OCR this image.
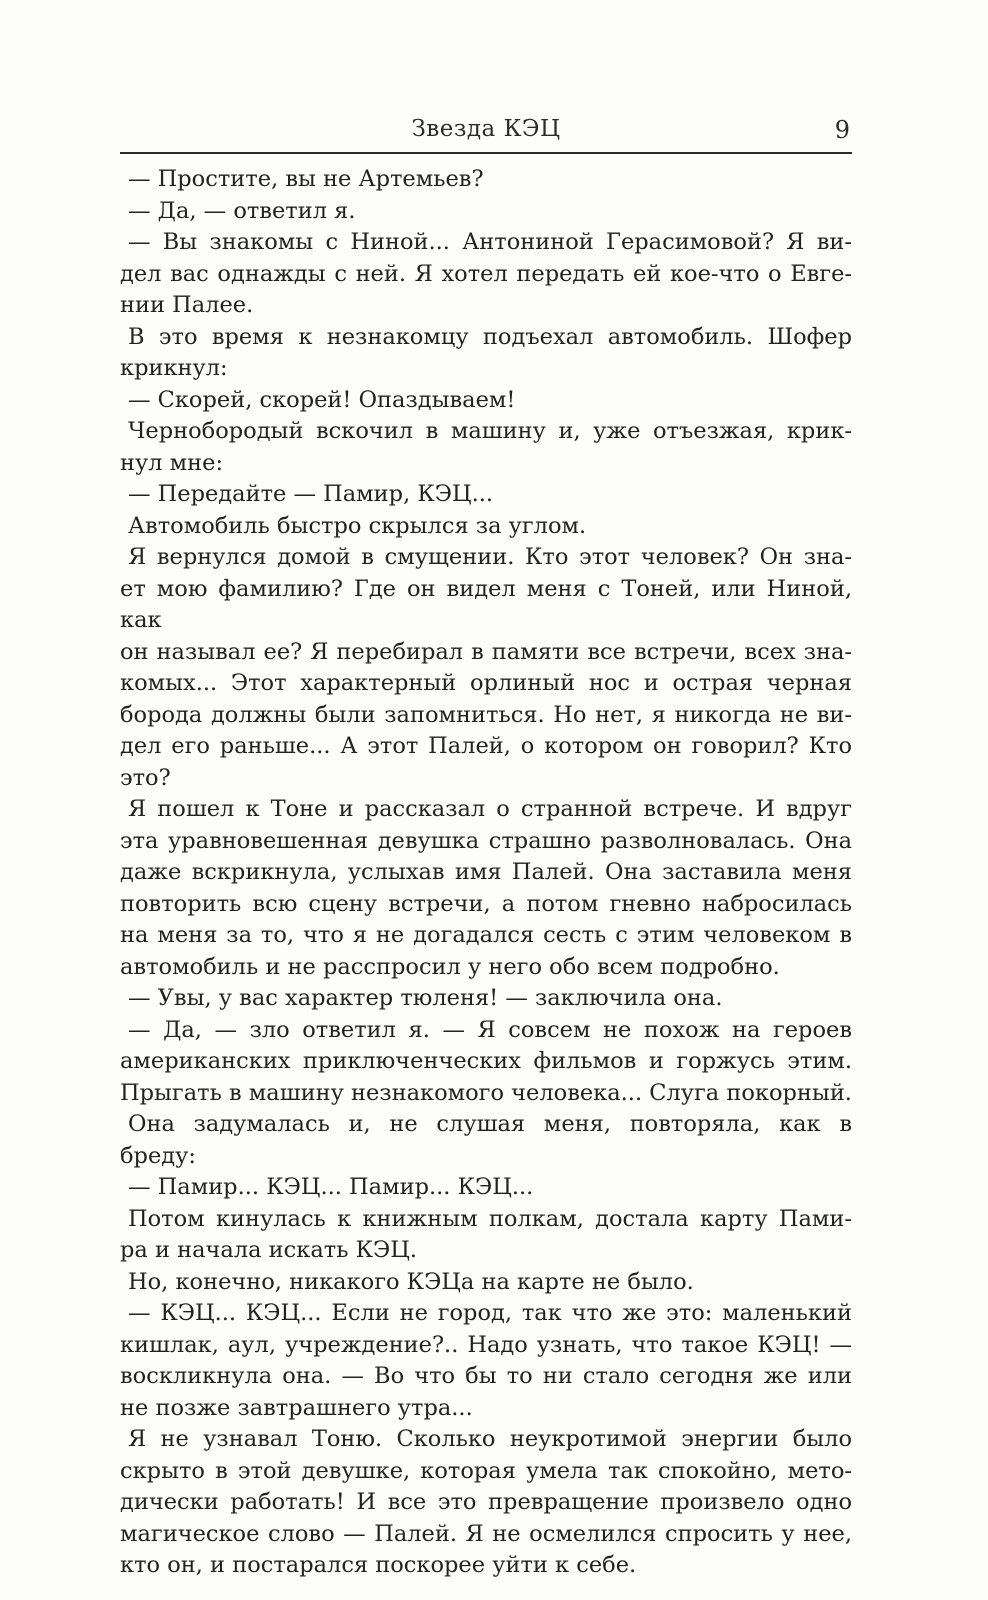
Звезда КЭЦ	9
— Простите, вы не Артемьев?
— Да, — ответил я.
— Вы знакомы с Ниной... Антониной Герасимовой? Я ви-
дел вас однажды с ней. Я хотел передать ей кое-что о Евге-
нии Палее.
В это время к незнакомцу подъехал автомобиль. Шофер
крикнул:
— Скорей, скорей! Опаздываем!
Чернобородый вскочил в машину и, уже отъезжая, крик-
нул мне:
— Передайте — Памир, КЭЦ...
Автомобиль быстро скрылся за углом.
Я вернулся домой в смущении. Кто этот человек? Он зна-
ет мою фамилию? Где он видел меня с Тоней, или Ниной, как
он называл ее? Я перебирал в памяти все встречи, всех зна-
комых... Этот характерный орлиный нос и острая черная
борода должны были запомниться. Но нет, я никогда не ви-
дел его раньше... А этот Палей, о котором он говорил? Кто
это?
Я пошел к Тоне и рассказал о странной встрече. И вдруг
эта уравновешенная девушка страшно разволновалась. Она
даже вскрикнула, услыхав имя Палей. Она заставила меня
повторить всю сцену встречи, а потом гневно набросилась
на меня за то, что я не догадался сесть с этим человеком в
автомобиль и не расспросил у него обо всем подробно.
— Увы, у вас характер тюленя! — заключила она.
— Да, — зло ответил я. — Я совсем не похож на героев
американских приключенческих фильмов и горжусь этим.
Прыгать в машину незнакомого человека... Слуга покорный.
Она задумалась и, не слушая меня, повторяла, как в
бреду:
— Памир... КЭЦ... Памир... КЭЦ...
Потом кинулась к книжным полкам, достала карту Пами-
ра и начала искать КЭЦ.
Но, конечно, никакого КЭЦа на карте не было.
— КЭЦ... КЭЦ... Если не город, так что же это: маленький
кишлак, аул, учреждение?.. Надо узнать, что такое КЭЦ! —
воскликнула она. — Во что бы то ни стало сегодня же или
не позже завтрашнего утра...
Я не узнавал Тоню. Сколько неукротимой энергии было
скрыто в этой девушке, которая умела так спокойно, мето-
дически работать! И все это превращение произвело одно
магическое слово — Палей. Я не осмелился спросить у нее,
кто он, и постарался поскорее уйти к себе.
